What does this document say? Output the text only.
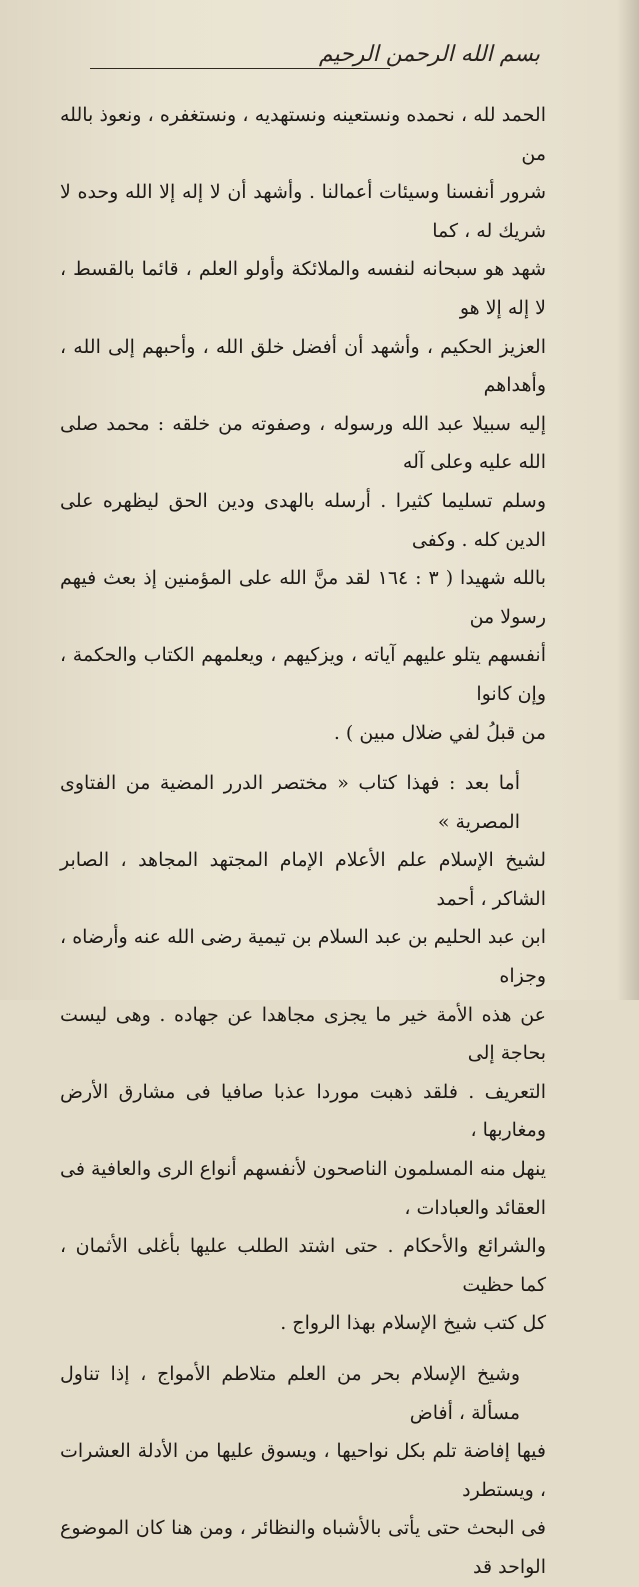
بسم الله الرحمن الرحيم

الحمد لله ، نحمده ونستعينه ونستهديه ، ونستغفره ، ونعوذ بالله من

شرور أنفسنا وسيئات أعمالنا . وأشهد أن لا إله إلا الله وحده لا شريك له ، كما

شهد هو سبحانه لنفسه والملائكة وأولو العلم ، قائما بالقسط ، لا إله إلا هو

العزيز الحكيم ، وأشهد أن أفضل خلق الله ، وأحبهم إلى الله ، وأهداهم

إليه سبيلا عبد الله ورسوله ، وصفوته من خلقه : محمد صلى الله عليه وعلى آله

وسلم تسليما كثيرا . أرسله بالهدى ودين الحق ليظهره على الدين كله . وكفى

بالله شهيدا ( ٣ : ١٦٤ لقد منَّ الله على المؤمنين إذ بعث فيهم رسولا من

أنفسهم يتلو عليهم آياته ، ويزكيهم ، ويعلمهم الكتاب والحكمة ، وإن كانوا

من قبلُ لفي ضلال مبين ) .

أما بعد : فهذا كتاب « مختصر الدرر المضية من الفتاوى المصرية »

لشيخ الإسلام علم الأعلام الإمام المجتهد المجاهد ، الصابر الشاكر ، أحمد

ابن عبد الحليم بن عبد السلام بن تيمية رضى الله عنه وأرضاه ، وجزاه

عن هذه الأمة خير ما يجزى مجاهدا عن جهاده . وهى ليست بحاجة إلى

التعريف . فلقد ذهبت موردا عذبا صافيا فى مشارق الأرض ومغاربها ،

ينهل منه المسلمون الناصحون لأنفسهم أنواع الرى والعافية فى العقائد والعبادات ،

والشرائع والأحكام . حتى اشتد الطلب عليها بأغلى الأثمان ، كما حظيت

كل كتب شيخ الإسلام بهذا الرواج .

وشيخ الإسلام بحر من العلم متلاطم الأمواج ، إذا تناول مسألة ، أفاض

فيها إفاضة تلم بكل نواحيها ، ويسوق عليها من الأدلة العشرات ، ويستطرد

فى البحث حتى يأتى بالأشباه والنظائر ، ومن هنا كان الموضوع الواحد قد
